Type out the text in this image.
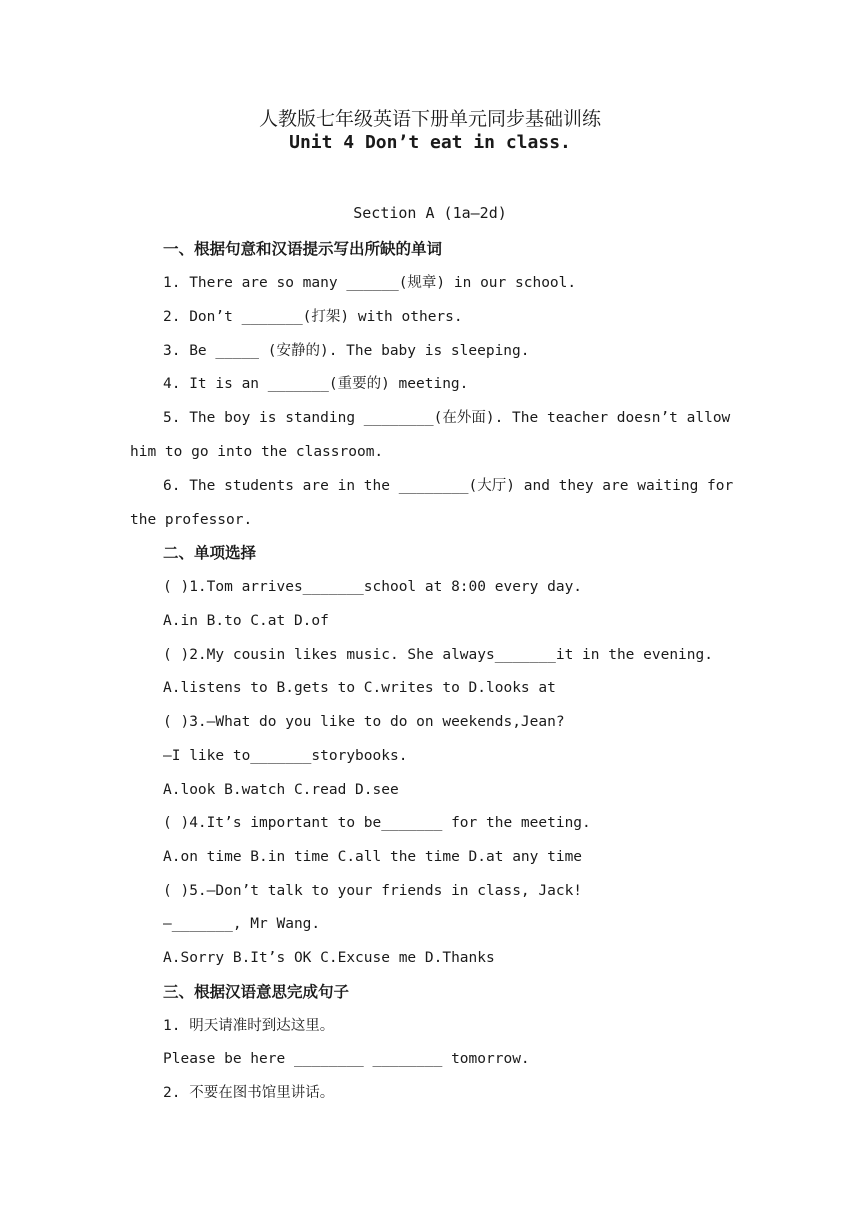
人教版七年级英语下册单元同步基础训练
Unit 4 Don’t eat in class.
Section A (1a—2d)
一、根据句意和汉语提示写出所缺的单词
1. There are so many ______(规章) in our school.
2. Don’t _______(打架) with others.
3. Be _____ (安静的). The baby is sleeping.
4. It is an _______(重要的) meeting.
5. The boy is standing ________(在外面). The teacher doesn’t allow
him to go into the classroom.
6. The students are in the ________(大厅) and they are waiting for
the professor.
二、单项选择
( )1.Tom arrives_______school at 8:00 every day.
A.in B.to C.at D.of
( )2.My cousin likes music. She always_______it in the evening.
A.listens to B.gets to C.writes to D.looks at
( )3.—What do you like to do on weekends,Jean?
—I like to_______storybooks.
A.look B.watch C.read D.see
( )4.It’s important to be_______ for the meeting.
A.on time B.in time C.all the time D.at any time
( )5.—Don’t talk to your friends in class, Jack!
—_______, Mr Wang.
A.Sorry B.It’s OK C.Excuse me D.Thanks
三、根据汉语意思完成句子
1. 明天请准时到达这里。
Please be here ________ ________ tomorrow.
2. 不要在图书馆里讲话。
